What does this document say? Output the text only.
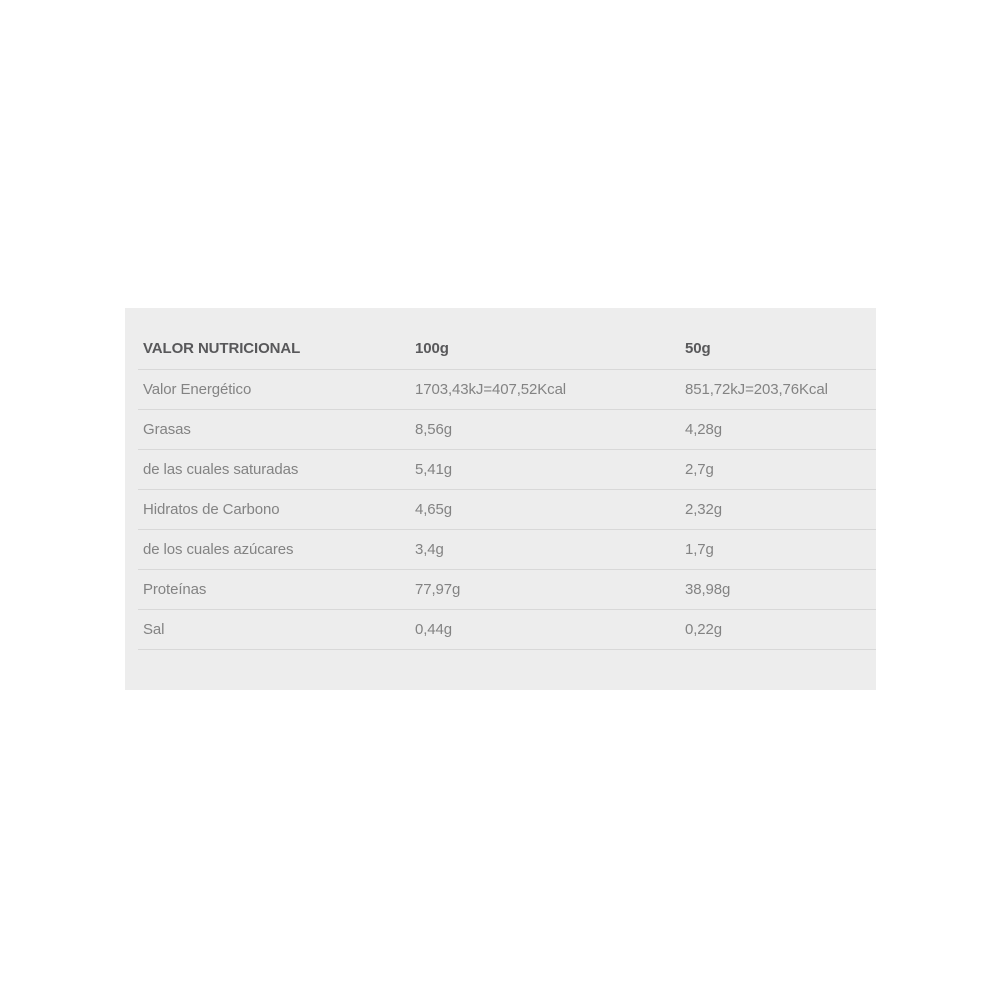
VALOR NUTRICIONAL	100g	50g
Valor Energético	1703,43kJ=407,52Kcal	851,72kJ=203,76Kcal
Grasas	8,56g	4,28g
de las cuales saturadas	5,41g	2,7g
Hidratos de Carbono	4,65g	2,32g
de los cuales azúcares	3,4g	1,7g
Proteínas	77,97g	38,98g
Sal	0,44g	0,22g
